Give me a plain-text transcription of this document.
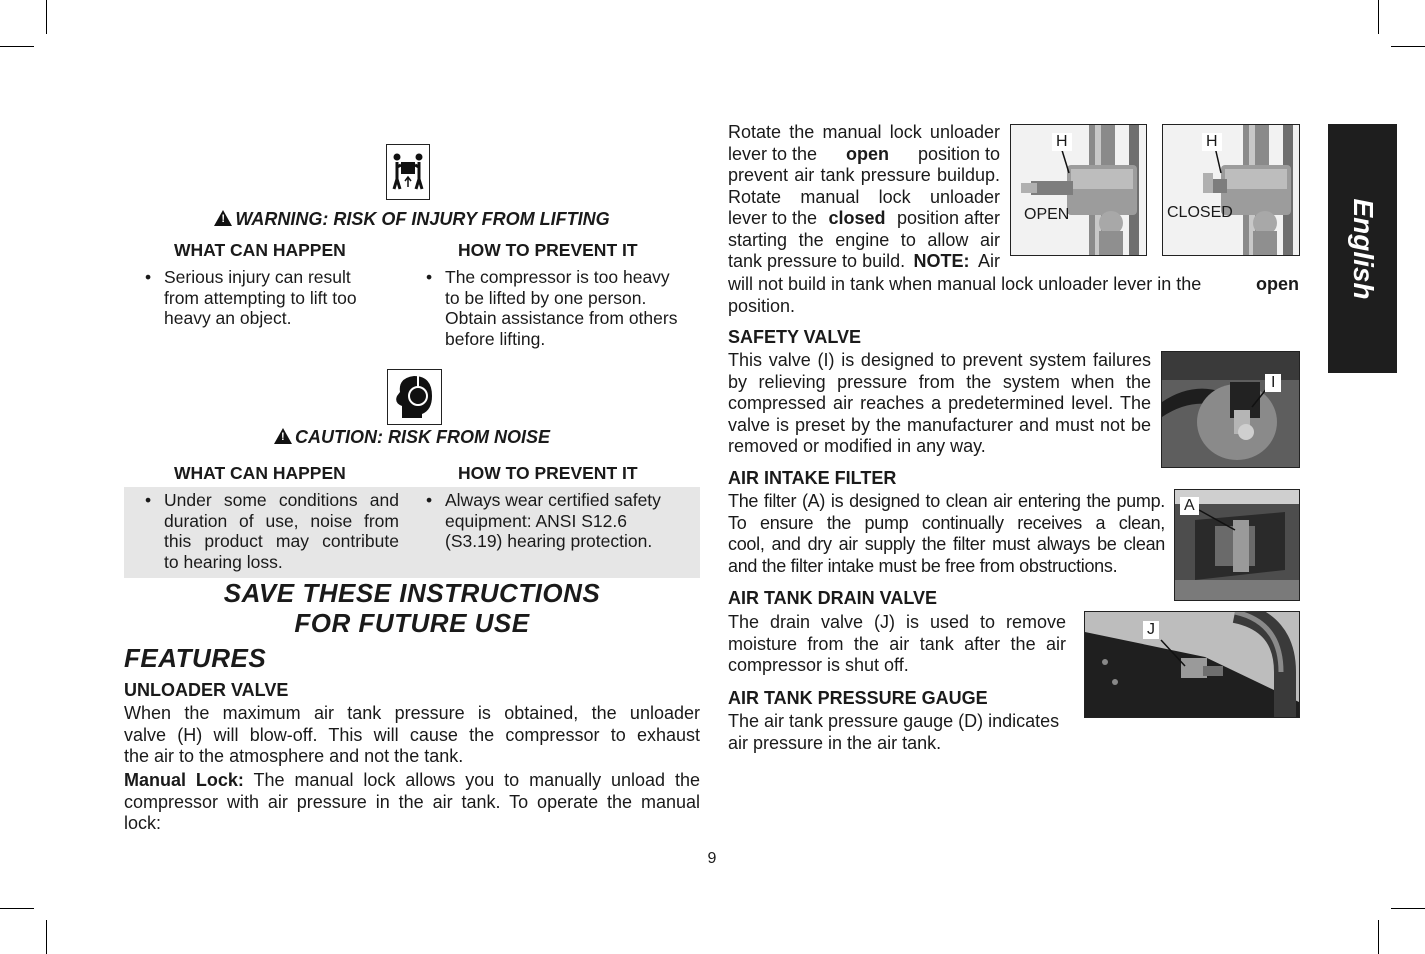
!WARNING: RISK OF INJURY FROM LIFTING
WHAT CAN HAPPEN	HOW TO PREVENT IT
• Serious injury can result
from attempting to lift too
heavy an object.
• The compressor is too heavy
to be lifted by one person.
Obtain assistance from others
before lifting.
!CAUTION: RISK FROM NOISE
WHAT CAN HAPPEN	HOW TO PREVENT IT
• Under some conditions and
duration of use, noise from
this product may contribute
to hearing loss.
• Always wear certified safety
equipment: ANSI S12.6
(S3.19) hearing protection.
SAVE THESE INSTRUCTIONS
FOR FUTURE USE
FEATURES
UNLOADER VALVE
When the maximum air tank pressure is obtained, the unloader
valve (H) will blow-off. This will cause the compressor to exhaust
the air to the atmosphere and not the tank.
Manual Lock: The manual lock allows you to manually unload the
compressor with air pressure in the air tank. To operate the manual
lock:
Rotate the manual lock unloader
lever to the open position to
prevent air tank pressure buildup.
Rotate manual lock unloader
lever to the closed position after
starting the engine to allow air
tank pressure to build. NOTE: Air
will not build in tank when manual lock unloader lever in the	open
position.
H
OPEN
H
CLOSED
SAFETY VALVE
This valve (I) is designed to prevent system failures
by relieving pressure from the system when the
compressed air reaches a predetermined level. The
valve is preset by the manufacturer and must not be
removed or modified in any way.
I
AIR INTAKE FILTER
The filter (A) is designed to clean air entering the pump.
To ensure the pump continually receives a clean,
cool, and dry air supply the filter must always be clean
and the filter intake must be free from obstructions.
A
AIR TANK DRAIN VALVE
The drain valve (J) is used to remove
moisture from the air tank after the air
compressor is shut off.
J
AIR TANK PRESSURE GAUGE
The air tank pressure gauge (D) indicates
air pressure in the air tank.
9
English
